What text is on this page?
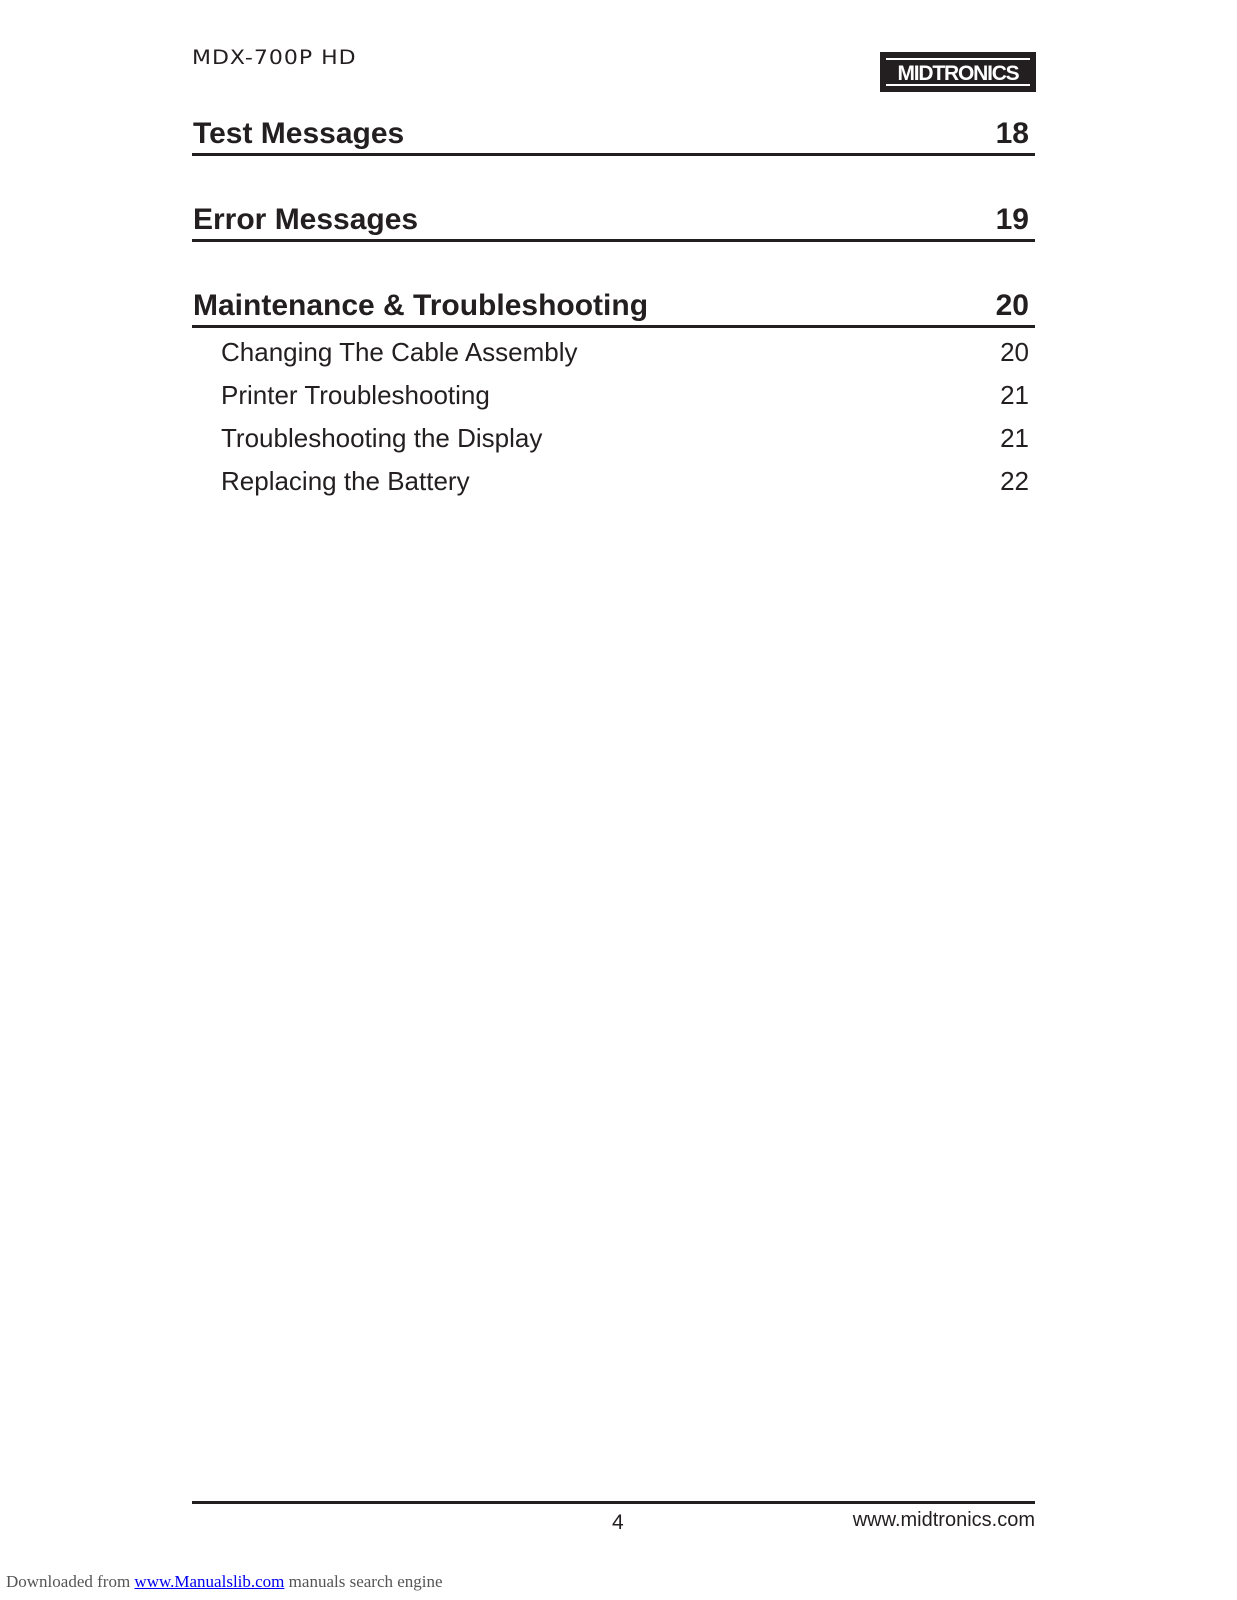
MDX-700P HD
MIDTRONICS
Test Messages	18
Error Messages	19
Maintenance & Troubleshooting	20
Changing The Cable Assembly	20
Printer Troubleshooting	21
Troubleshooting the Display	21
Replacing the Battery	22
4	www.midtronics.com
Downloaded from www.Manualslib.com manuals search engine
